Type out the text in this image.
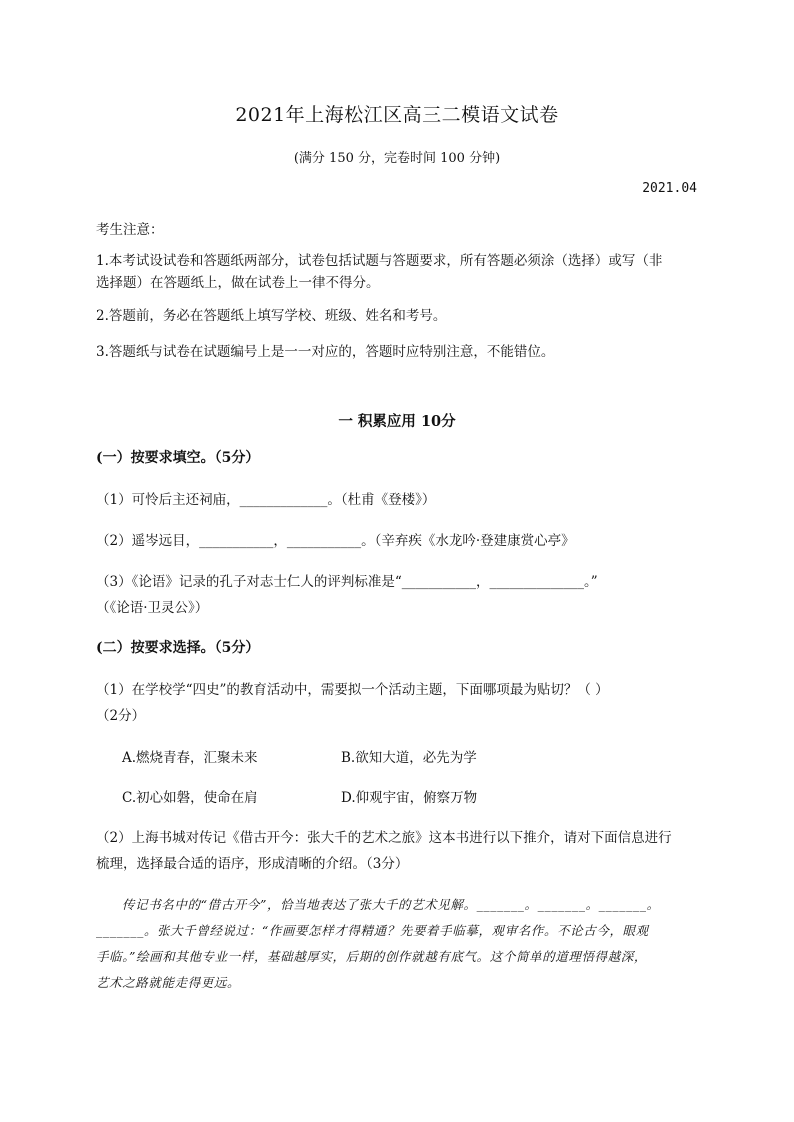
2021年上海松江区高三二模语文试卷
(满分 150 分，完卷时间 100 分钟)
2021.04
考生注意：
1.本考试设试卷和答题纸两部分，试卷包括试题与答题要求，所有答题必须涂（选择）或写（非
选择题）在答题纸上，做在试卷上一律不得分。
2.答题前，务必在答题纸上填写学校、班级、姓名和考号。
3.答题纸与试卷在试题编号上是一一对应的，答题时应特别注意，不能错位。
一 积累应用 10分
(一）按要求填空。（5分）
（1）可怜后主还祠庙，_____________。（杜甫《登楼》）
（2）遥岑远目，___________，___________。（辛弃疾《水龙吟·登建康赏心亭》
（3）《论语》记录的孔子对志士仁人的评判标准是“___________，______________。”
（《论语·卫灵公》）
(二）按要求选择。（5分）
（1）在学校学“四史”的教育活动中，需要拟一个活动主题，下面哪项最为贴切？（ ）
（2分）
A.燃烧青春，汇聚未来	B.欲知大道，必先为学
C.初心如磐，使命在肩	D.仰观宇宙，俯察万物
（2）上海书城对传记《借古开今：张大千的艺术之旅》这本书进行以下推介，请对下面信息进行
梳理，选择最合适的语序，形成清晰的介绍。（3分）
传记书名中的“借古开今”，恰当地表达了张大千的艺术见解。_______。_______。_______。
_______。张大千曾经说过：“作画要怎样才得精通？先要着手临摹，观审名作。不论古今，眼观
手临。”绘画和其他专业一样，基础越厚实，后期的创作就越有底气。这个简单的道理悟得越深，
艺术之路就能走得更远。
